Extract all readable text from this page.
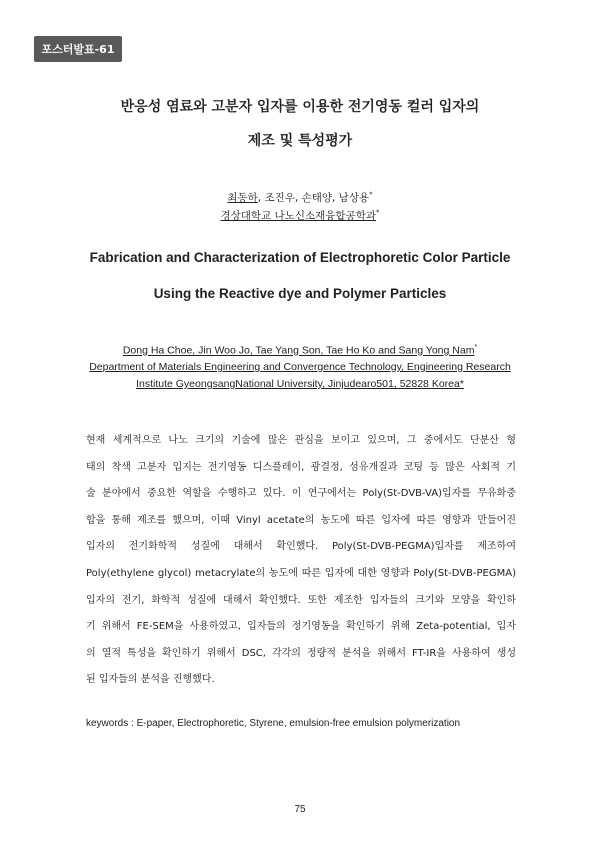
포스터발표-61
반응성 염료와 고분자 입자를 이용한 전기영동 컬러 입자의
제조 및 특성평가
최동하, 조진우, 손태양, 남상용*
경상대학교 나노신소재융합공학과*
Fabrication and Characterization of Electrophoretic Color Particle
Using the Reactive dye and Polymer Particles
Dong Ha Choe, Jin Woo Jo, Tae Yang Son, Tae Ho Ko and Sang Yong Nam*
Department of Materials Engineering and Convergence Technology, Engineering Research
Institute GyeongsangNational University, Jinjudearo501, 52828 Korea*
현재 세계적으로 나노 크기의 기술에 많은 관심을 보이고 있으며, 그 중에서도 단분산 형
태의 착색 고분자 입지는 전기영동 디스플레이, 광결정, 섬유개질과 코팅 등 많은 사회적 기
술 분야에서 중요한 역할을 수행하고 있다. 이 연구에서는 Poly(St-DVB-VA)입자를 무유화중
합을 통해 제조를 했으며, 이때 Vinyl acetate의 농도에 따른 입자에 따른 영향과 만들어진
입자의 전기화학적 성질에 대해서 확인했다. Poly(St-DVB-PEGMA)입자를 제조하여
Poly(ethylene glycol) metacrylate의 농도에 따른 입자에 대한 영향과 Poly(St-DVB-PEGMA)
입자의 전기, 화학적 성질에 대해서 확인했다. 또한 제조한 입자들의 크기와 모양을 확인하
기 위해서 FE-SEM을 사용하였고, 입자들의 정기영동을 확인하기 위해 Zeta-potential, 입자
의 열적 특성을 확인하기 위해서 DSC, 각각의 정량적 분석을 위해서 FT-IR을 사용하여 생성
된 입자들의 분석을 진행했다.
keywords : E-paper, Electrophoretic, Styrene, emulsion-free emulsion polymerization
75
